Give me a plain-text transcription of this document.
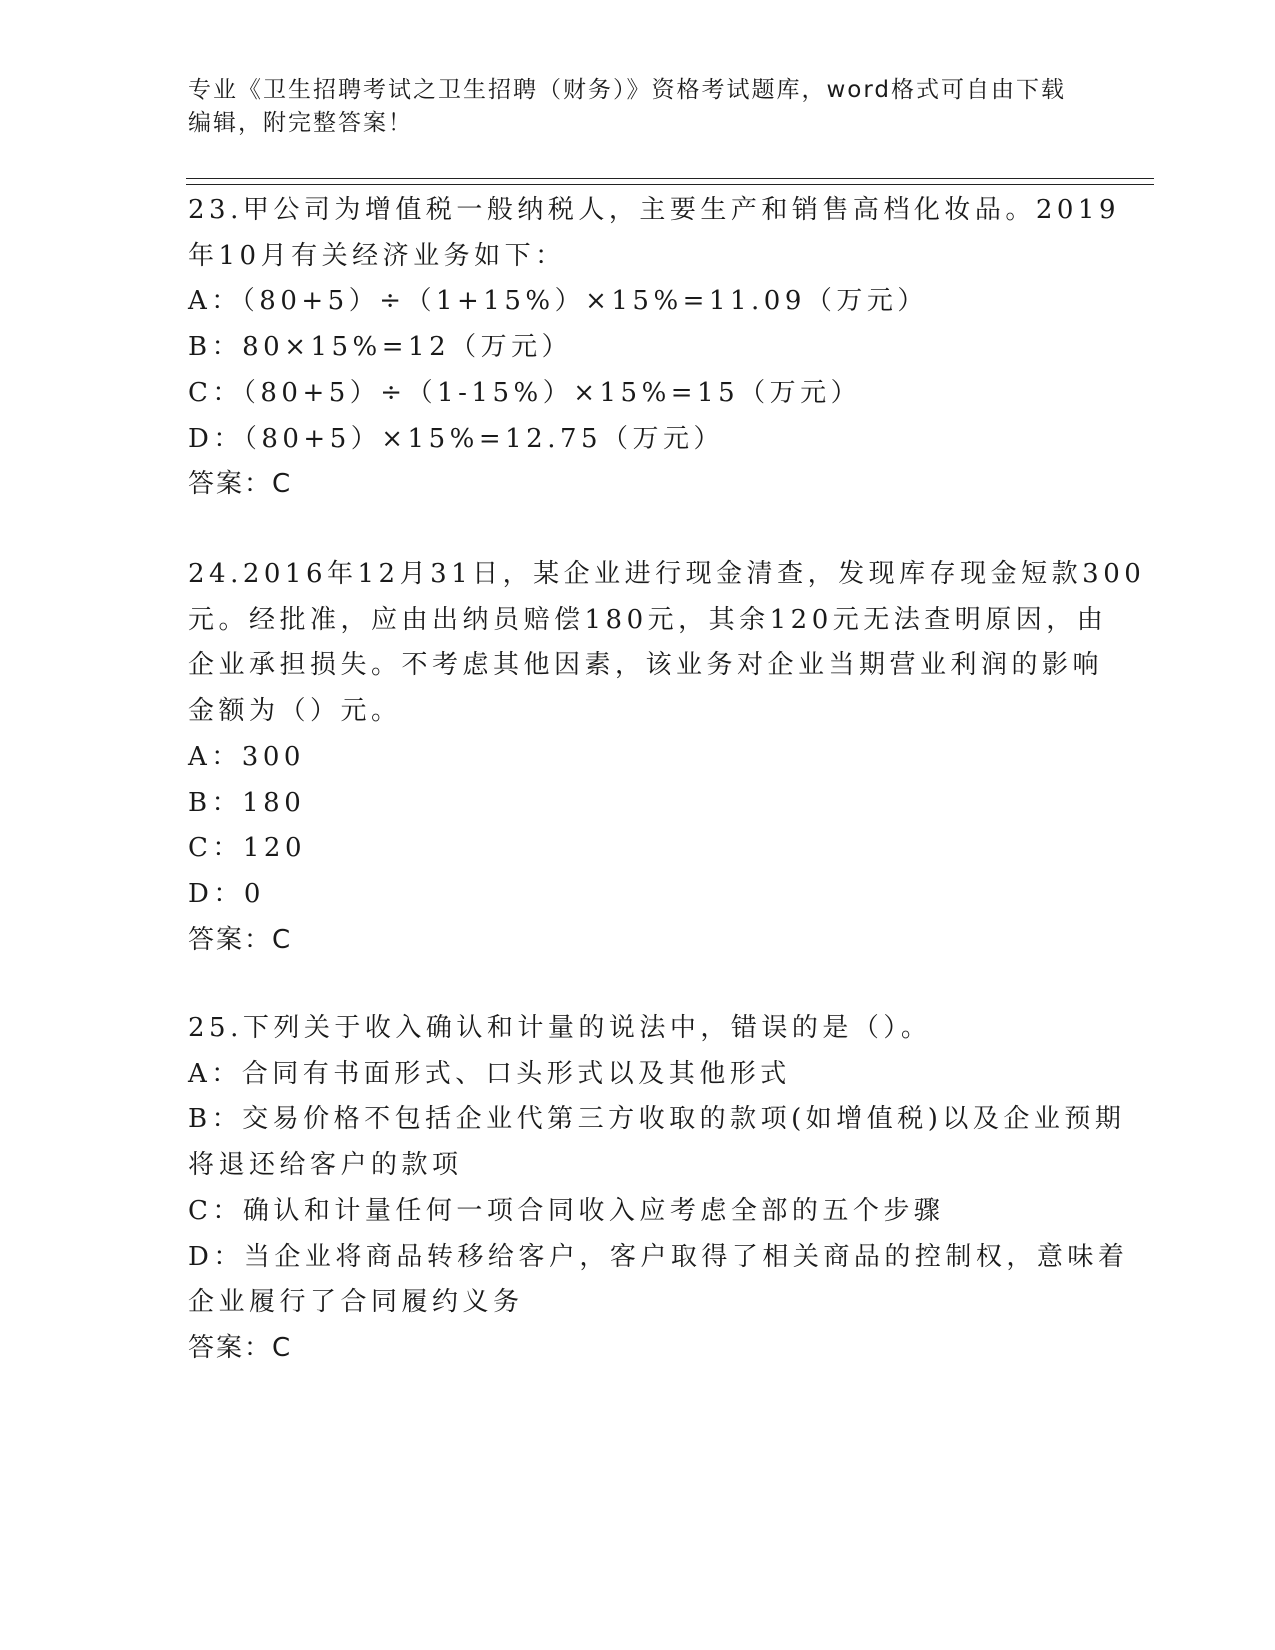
专业《卫生招聘考试之卫生招聘（财务）》资格考试题库，word格式可自由下载
编辑，附完整答案！
23.甲公司为增值税一般纳税人，主要生产和销售高档化妆品。2019
年10月有关经济业务如下：
A：（80+5）÷（1+15%）×15%=11.09（万元）
B：80×15%=12（万元）
C：（80+5）÷（1-15%）×15%=15（万元）
D：（80+5）×15%=12.75（万元）
答案：C
24.2016年12月31日，某企业进行现金清查，发现库存现金短款300
元。经批准，应由出纳员赔偿180元，其余120元无法查明原因，由
企业承担损失。不考虑其他因素，该业务对企业当期营业利润的影响
金额为（）元。
A：300
B：180
C：120
D：0
答案：C
25.下列关于收入确认和计量的说法中，错误的是（）。
A：合同有书面形式、口头形式以及其他形式
B：交易价格不包括企业代第三方收取的款项(如增值税)以及企业预期
将退还给客户的款项
C：确认和计量任何一项合同收入应考虑全部的五个步骤
D：当企业将商品转移给客户，客户取得了相关商品的控制权，意味着
企业履行了合同履约义务
答案：C
